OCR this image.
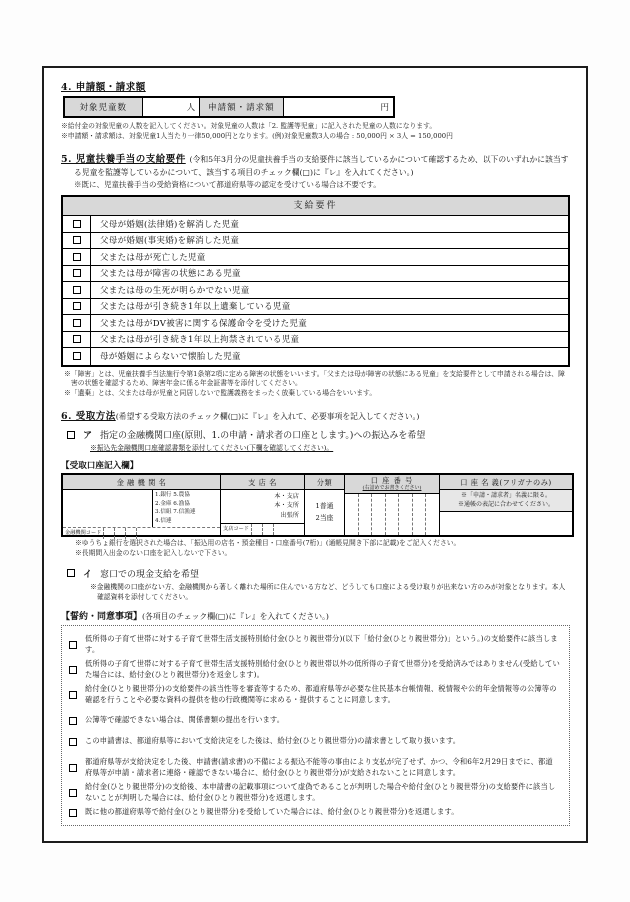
4. 申請額・請求額
対象児童数	人	申請額・請求額	円
※給付金の対象児童の人数を記入してください。対象児童の人数は「2. 監護等児童」に記入された児童の人数になります。
※申請額・請求額は、対象児童1人当たり一律50,000円となります。(例)対象児童数3人の場合 : 50,000円 × 3人 = 150,000円
5. 児童扶養手当の支給要件 (令和5年3月分の児童扶養手当の支給要件に該当しているかについて確認するため、以下のいずれかに該当する児童を監護等しているかについて、該当する項目のチェック欄(□)に『レ』を入れてください。)
※既に、児童扶養手当の受給資格について都道府県等の認定を受けている場合は不要です。
支給要件
父母が婚姻(法律婚)を解消した児童
父母が婚姻(事実婚)を解消した児童
父または母が死亡した児童
父または母が障害の状態にある児童
父または母の生死が明らかでない児童
父または母が引き続き1年以上遺棄している児童
父または母がDV被害に関する保護命令を受けた児童
父または母が引き続き1年以上拘禁されている児童
母が婚姻によらないで懐胎した児童
※「障害」とは、児童扶養手当法施行令第1条第2項に定める障害の状態をいいます。「父または母が障害の状態にある児童」を支給要件として申請される場合は、障害の状態を確認するため、障害年金に係る年金証書等を添付してください。
※「遺棄」とは、父または母が児童と同居しないで監護義務をまったく放棄している場合をいいます。
6. 受取方法(希望する受取方法のチェック欄(□)に『レ』を入れて、必要事項を記入してください。)
ア 指定の金融機関口座(原則、1.の申請・請求者の口座とします。)への振込みを希望
※振込先金融機関口座確認書類を添付してください(下欄を確認してください)。
【受取口座記入欄】
金 融 機 関 名
1.銀行 5.農協
2.金庫 6.漁協
3.信組 7.信漁連
4.信連
金融機関コード
支 店 名
本・支店
本・支所
出張所
支店コード
分類
1普通
2当座
口 座 番 号
(右詰めでお書きください)
口 座 名 義(フリガナのみ)
※「申請・請求者」名義に限る。
※通帳の表記に合わせてください。
※ゆうちょ銀行を選択された場合は、「振込用の店名・預金種目・口座番号(7桁)」(通帳見開き下部に記載)をご記入ください。
※長期間入出金のない口座を記入しないで下さい。
イ 窓口での現金支給を希望
※金融機関の口座がない方、金融機関から著しく離れた場所に住んでいる方など、どうしても口座による受け取りが出来ない方のみが対象となります。本人確認資料を添付してください。
【誓約・同意事項】(各項目のチェック欄(□)に『レ』を入れてください。)
低所得の子育て世帯に対する子育て世帯生活支援特別給付金(ひとり親世帯分)(以下「給付金(ひとり親世帯分)」という。)の支給要件に該当します。
低所得の子育て世帯に対する子育て世帯生活支援特別給付金(ひとり親世帯以外の低所得の子育て世帯分)を受給済みではありません(受給していた場合には、給付金(ひとり親世帯分)を返金します)。
給付金(ひとり親世帯分)の支給要件の該当性等を審査等するため、都道府県等が必要な住民基本台帳情報、税情報や公的年金情報等の公簿等の確認を行うことや必要な資料の提供を他の行政機関等に求める・提供することに同意します。
公簿等で確認できない場合は、関係書類の提出を行います。
この申請書は、都道府県等において支給決定をした後は、給付金(ひとり親世帯分)の請求書として取り扱います。
都道府県等が支給決定をした後、申請書(請求書)の不備による振込不能等の事由により支払が完了せず、かつ、令和6年2月29日までに、都道府県等が申請・請求者に連絡・確認できない場合に、給付金(ひとり親世帯分)が支給されないことに同意します。
給付金(ひとり親世帯分)の支給後、本申請書の記載事項について虚偽であることが判明した場合や給付金(ひとり親世帯分)の支給要件に該当しないことが判明した場合には、給付金(ひとり親世帯分)を返還します。
既に他の都道府県等で給付金(ひとり親世帯分)を受給していた場合には、給付金(ひとり親世帯分)を返還します。
